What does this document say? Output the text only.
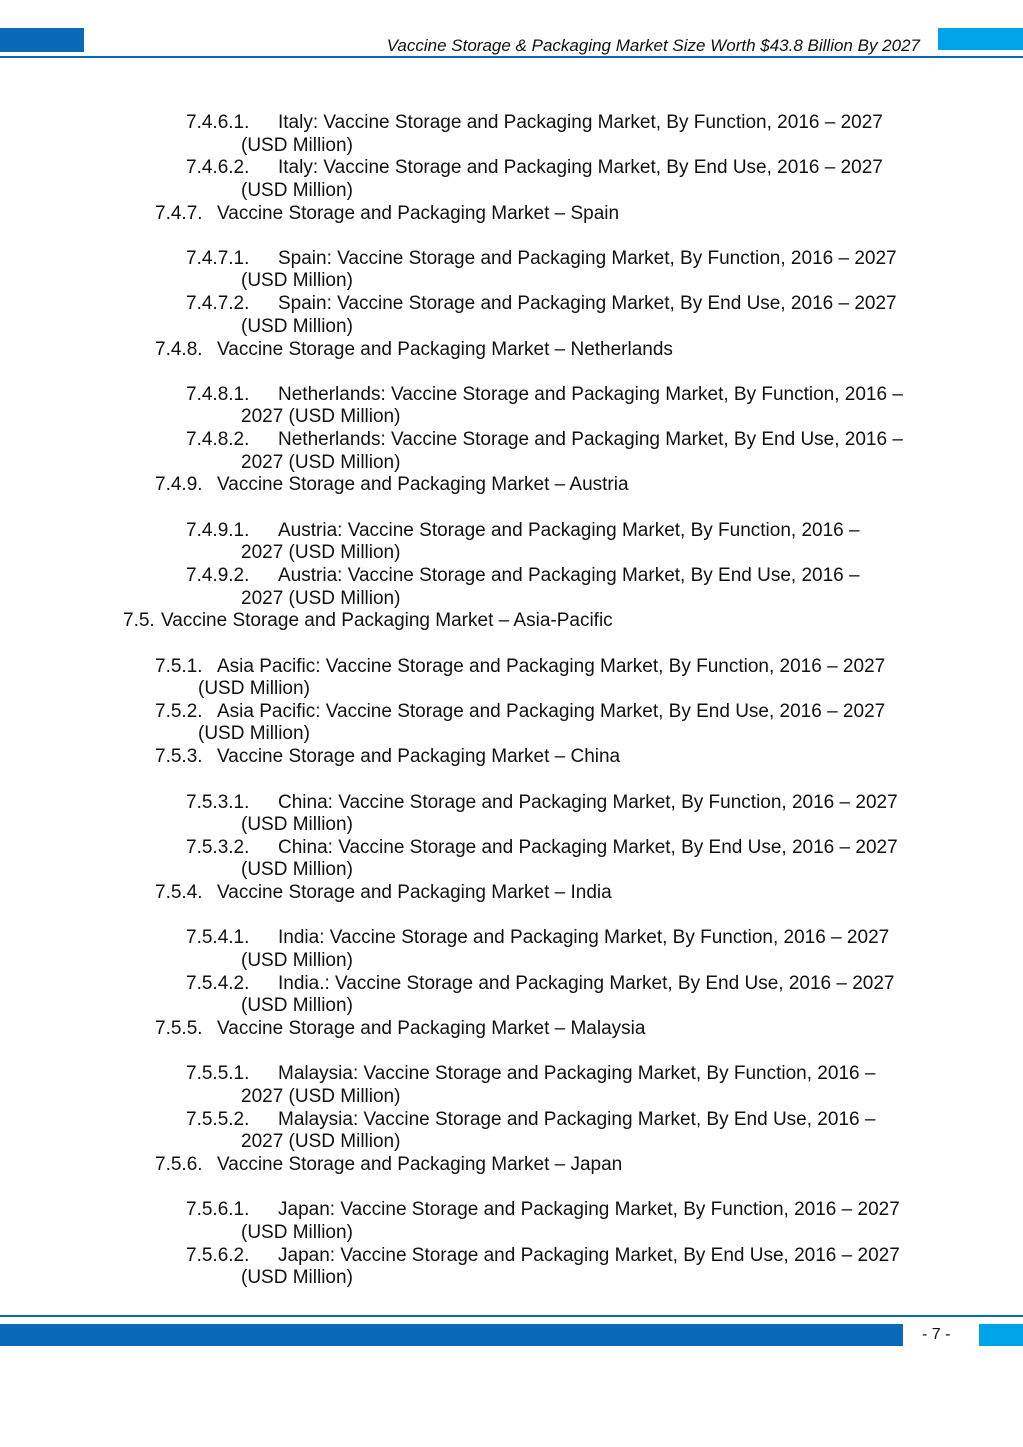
Vaccine Storage & Packaging Market Size Worth $43.8 Billion By 2027
7.4.6.1. Italy: Vaccine Storage and Packaging Market, By Function, 2016 – 2027
(USD Million)
7.4.6.2. Italy: Vaccine Storage and Packaging Market, By End Use, 2016 – 2027
(USD Million)
7.4.7. Vaccine Storage and Packaging Market – Spain
7.4.7.1. Spain: Vaccine Storage and Packaging Market, By Function, 2016 – 2027
(USD Million)
7.4.7.2. Spain: Vaccine Storage and Packaging Market, By End Use, 2016 – 2027
(USD Million)
7.4.8. Vaccine Storage and Packaging Market – Netherlands
7.4.8.1. Netherlands: Vaccine Storage and Packaging Market, By Function, 2016 –
2027 (USD Million)
7.4.8.2. Netherlands: Vaccine Storage and Packaging Market, By End Use, 2016 –
2027 (USD Million)
7.4.9. Vaccine Storage and Packaging Market – Austria
7.4.9.1. Austria: Vaccine Storage and Packaging Market, By Function, 2016 –
2027 (USD Million)
7.4.9.2. Austria: Vaccine Storage and Packaging Market, By End Use, 2016 –
2027 (USD Million)
7.5. Vaccine Storage and Packaging Market – Asia-Pacific
7.5.1. Asia Pacific: Vaccine Storage and Packaging Market, By Function, 2016 – 2027
(USD Million)
7.5.2. Asia Pacific: Vaccine Storage and Packaging Market, By End Use, 2016 – 2027
(USD Million)
7.5.3. Vaccine Storage and Packaging Market – China
7.5.3.1. China: Vaccine Storage and Packaging Market, By Function, 2016 – 2027
(USD Million)
7.5.3.2. China: Vaccine Storage and Packaging Market, By End Use, 2016 – 2027
(USD Million)
7.5.4. Vaccine Storage and Packaging Market – India
7.5.4.1. India: Vaccine Storage and Packaging Market, By Function, 2016 – 2027
(USD Million)
7.5.4.2. India.: Vaccine Storage and Packaging Market, By End Use, 2016 – 2027
(USD Million)
7.5.5. Vaccine Storage and Packaging Market – Malaysia
7.5.5.1. Malaysia: Vaccine Storage and Packaging Market, By Function, 2016 –
2027 (USD Million)
7.5.5.2. Malaysia: Vaccine Storage and Packaging Market, By End Use, 2016 –
2027 (USD Million)
7.5.6. Vaccine Storage and Packaging Market – Japan
7.5.6.1. Japan: Vaccine Storage and Packaging Market, By Function, 2016 – 2027
(USD Million)
7.5.6.2. Japan: Vaccine Storage and Packaging Market, By End Use, 2016 – 2027
(USD Million)
- 7 -
